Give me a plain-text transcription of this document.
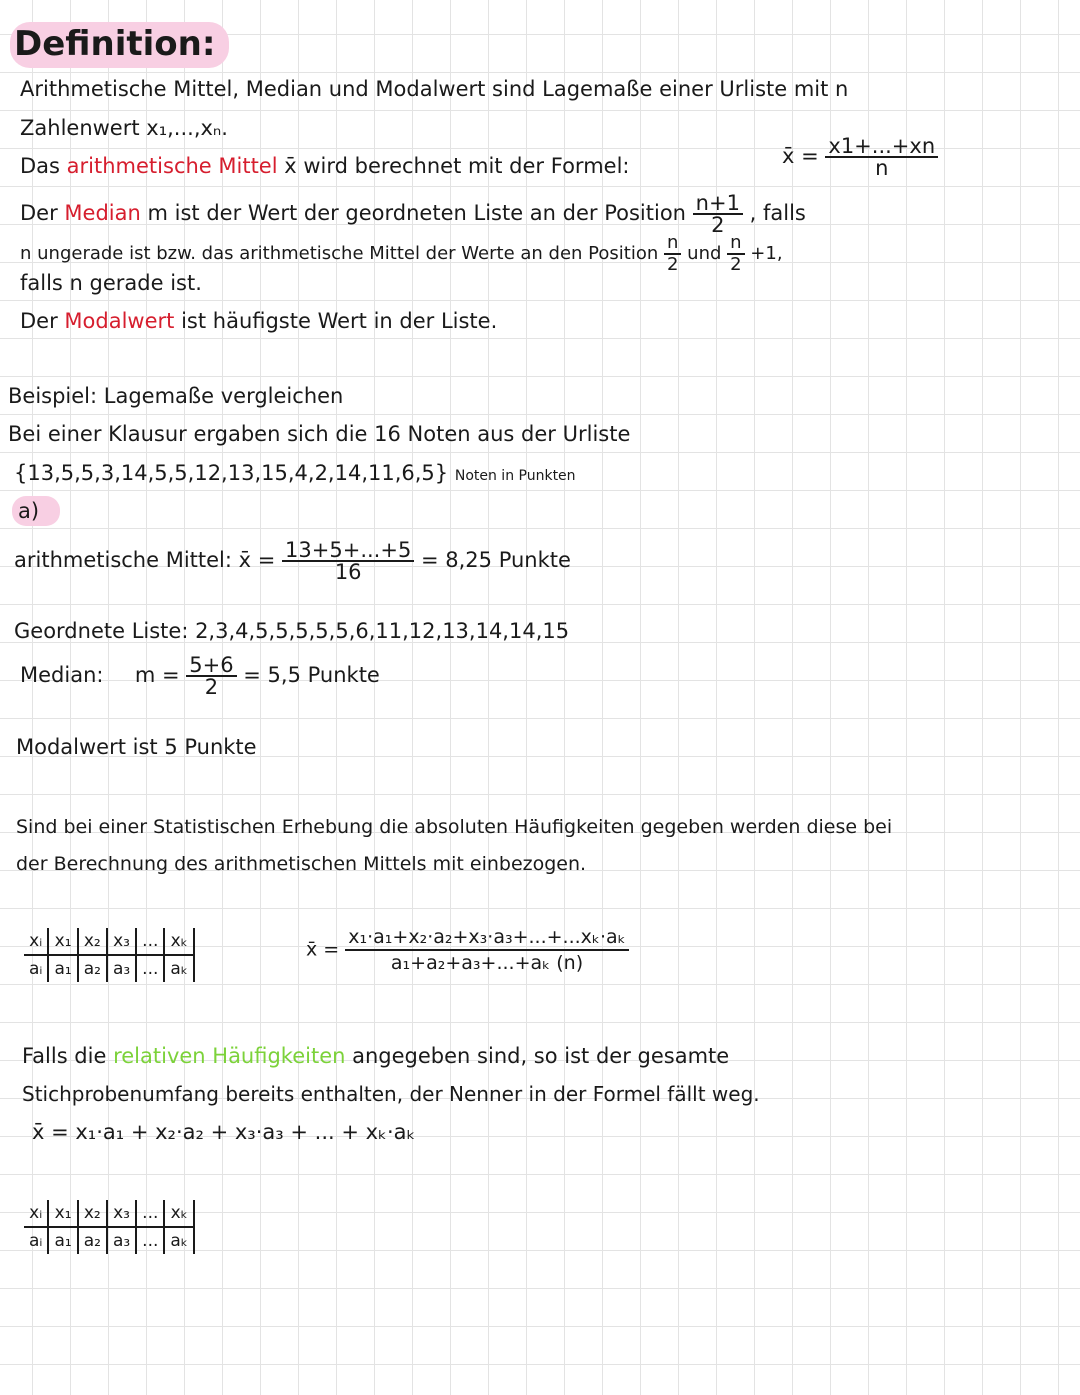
Definition:
Arithmetische Mittel, Median und Modalwert sind Lagemaße einer Urliste mit n
Zahlenwert x₁,...,xₙ.
Das arithmetische Mittel x̄ wird berechnet mit der Formel:	x̄ = $\frac{x1+...+xn}{n}$
Der Median m ist der Wert der geordneten Liste an der Position $\frac{n+1}{2}$ , falls
n ungerade ist bzw. das arithmetische Mittel der Werte an den Position $\frac{n}{2}$ und $\frac{n}{2} +1$,
falls n gerade ist.
Der Modalwert ist häufigste Wert in der Liste.
Beispiel: Lagemaße vergleichen
Bei einer Klausur ergaben sich die 16 Noten aus der Urliste
{13,5,5,3,14,5,5,12,13,15,4,2,14,11,6,5} Noten in Punkten
a)
arithmetische Mittel: x̄ = $\frac{13+5+...+5}{16} = 8,25$ Punkte
Geordnete Liste: 2,3,4,5,5,5,5,5,6,11,12,13,14,14,15
Median: $m = \frac{5+6}{2} = 5,5$ Punkte
Modalwert ist 5 Punkte
Sind bei einer Statistischen Erhebung die absoluten Häufigkeiten gegeben werden diese bei
der Berechnung des arithmetischen Mittels mit einbezogen.
xᵢ	x₁	x₂	x₃	...	xₖ
aᵢ	a₁	a₂	a₃	...	aₖ
x̄ = $\frac{\text{x₁·a₁+x₂·a₂+x₃·a₃+...+...xₖ·aₖ}}{\text{a₁+a₂+a₃+...+aₖ (n)}}$
Falls die relativen Häufigkeiten angegeben sind, so ist der gesamte
Stichprobenumfang bereits enthalten, der Nenner in der Formel fällt weg.
x̄ = x₁·a₁ + x₂·a₂ + x₃·a₃ + ... + xₖ·aₖ
xᵢ	x₁	x₂	x₃	...	xₖ
aᵢ	a₁	a₂	a₃	...	aₖ
